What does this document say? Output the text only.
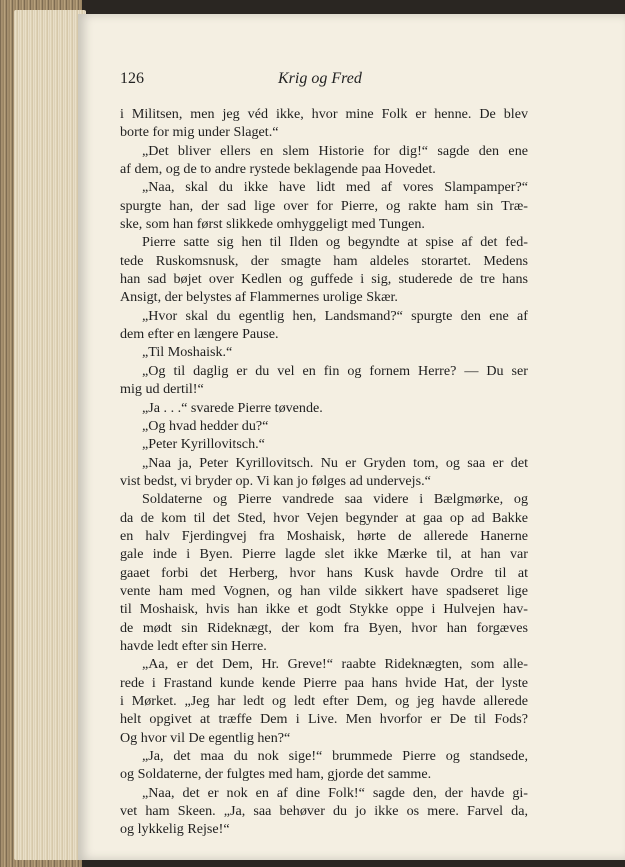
126	Krig og Fred
i Militsen, men jeg véd ikke, hvor mine Folk er henne. De blev
borte for mig under Slaget.“
„Det bliver ellers en slem Historie for dig!“ sagde den ene
af dem, og de to andre rystede beklagende paa Hovedet.
„Naa, skal du ikke have lidt med af vores Slampamper?“
spurgte han, der sad lige over for Pierre, og rakte ham sin Træ-
ske, som han først slikkede omhyggeligt med Tungen.
Pierre satte sig hen til Ilden og begyndte at spise af det fed-
tede Ruskomsnusk, der smagte ham aldeles storartet. Medens
han sad bøjet over Kedlen og guffede i sig, studerede de tre hans
Ansigt, der belystes af Flammernes urolige Skær.
„Hvor skal du egentlig hen, Landsmand?“ spurgte den ene af
dem efter en længere Pause.
„Til Moshaisk.“
„Og til daglig er du vel en fin og fornem Herre? — Du ser
mig ud dertil!“
„Ja . . .“ svarede Pierre tøvende.
„Og hvad hedder du?“
„Peter Kyrillovitsch.“
„Naa ja, Peter Kyrillovitsch. Nu er Gryden tom, og saa er det
vist bedst, vi bryder op. Vi kan jo følges ad undervejs.“
Soldaterne og Pierre vandrede saa videre i Bælgmørke, og
da de kom til det Sted, hvor Vejen begynder at gaa op ad Bakke
en halv Fjerdingvej fra Moshaisk, hørte de allerede Hanerne
gale inde i Byen. Pierre lagde slet ikke Mærke til, at han var
gaaet forbi det Herberg, hvor hans Kusk havde Ordre til at
vente ham med Vognen, og han vilde sikkert have spadseret lige
til Moshaisk, hvis han ikke et godt Stykke oppe i Hulvejen hav-
de mødt sin Rideknægt, der kom fra Byen, hvor han forgæves
havde ledt efter sin Herre.
„Aa, er det Dem, Hr. Greve!“ raabte Rideknægten, som alle-
rede i Frastand kunde kende Pierre paa hans hvide Hat, der lyste
i Mørket. „Jeg har ledt og ledt efter Dem, og jeg havde allerede
helt opgivet at træffe Dem i Live. Men hvorfor er De til Fods?
Og hvor vil De egentlig hen?“
„Ja, det maa du nok sige!“ brummede Pierre og standsede,
og Soldaterne, der fulgtes med ham, gjorde det samme.
„Naa, det er nok en af dine Folk!“ sagde den, der havde gi-
vet ham Skeen. „Ja, saa behøver du jo ikke os mere. Farvel da,
og lykkelig Rejse!“
